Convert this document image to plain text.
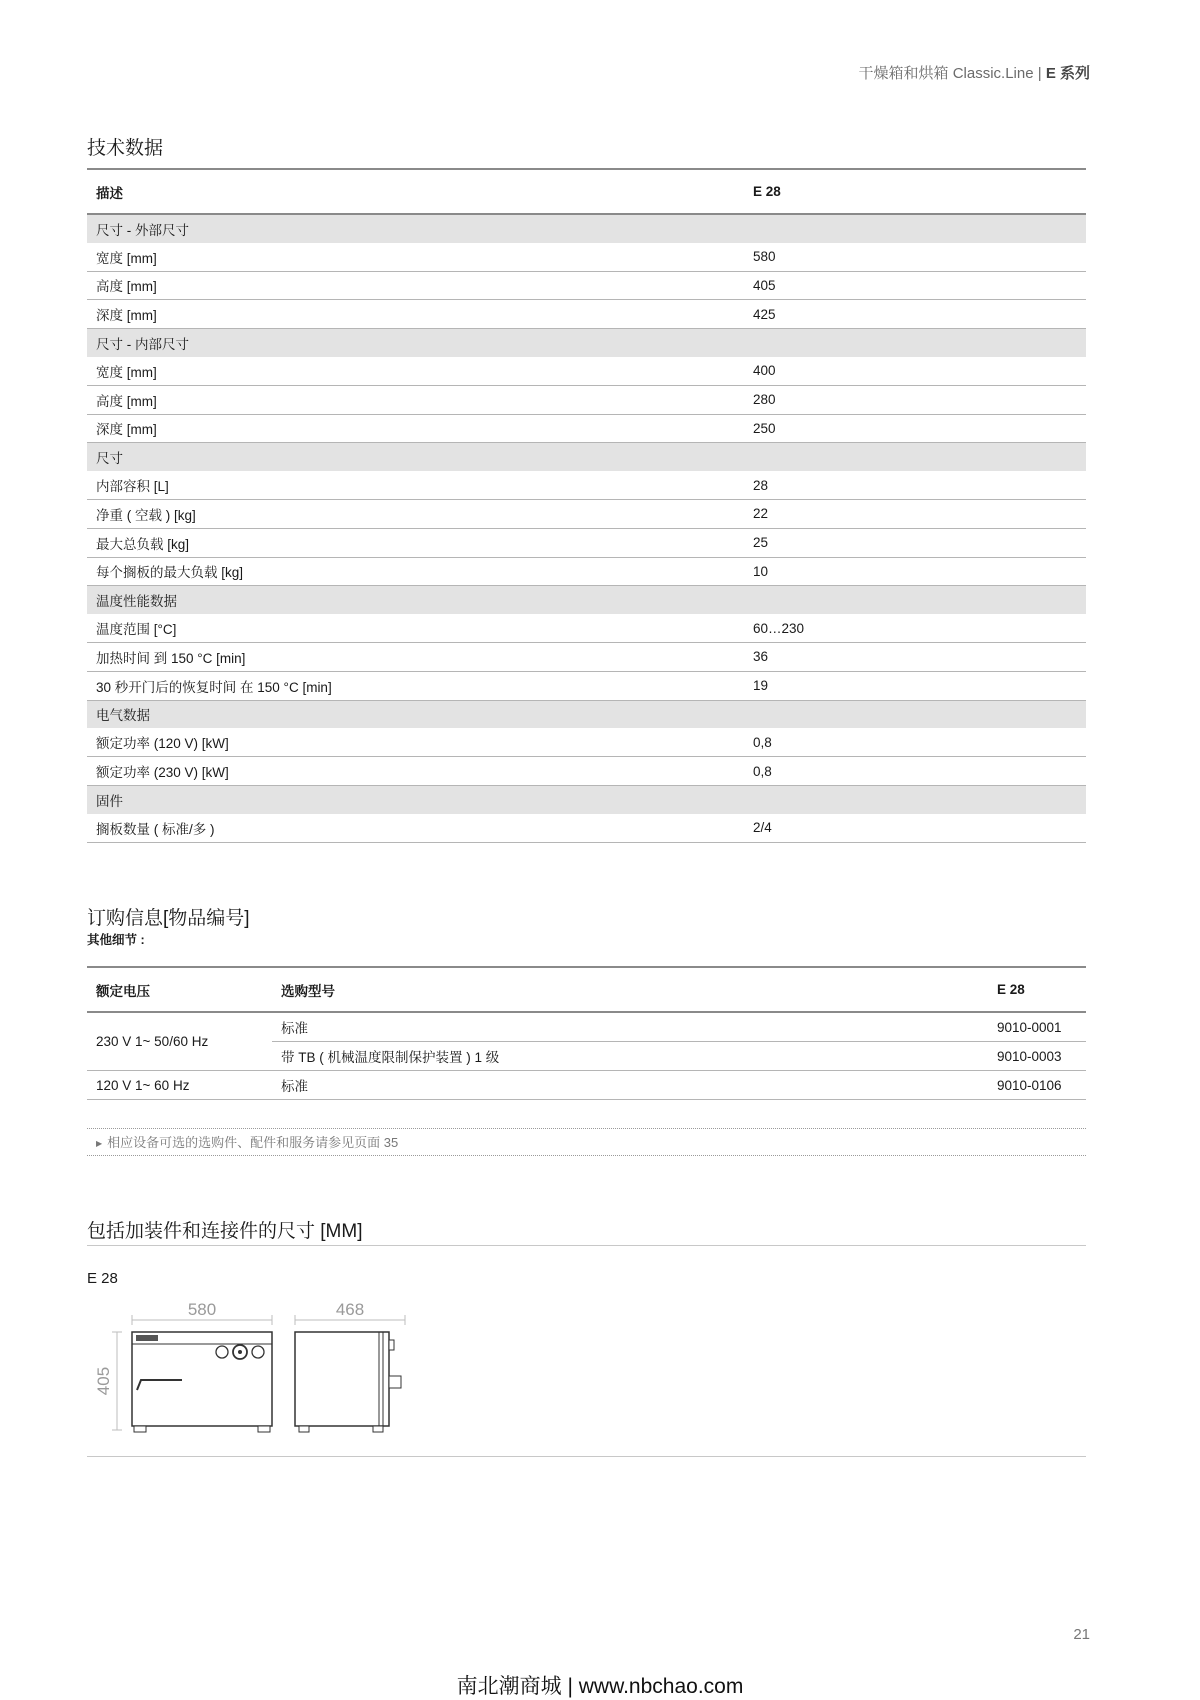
干燥箱和烘箱 Classic.Line | E 系列
技术数据
描述	E 28
尺寸 - 外部尺寸	
宽度 [mm]	580
高度 [mm]	405
深度 [mm]	425
尺寸 - 内部尺寸	
宽度 [mm]	400
高度 [mm]	280
深度 [mm]	250
尺寸	
内部容积 [L]	28
净重 ( 空载 ) [kg]	22
最大总负载 [kg]	25
每个搁板的最大负载 [kg]	10
温度性能数据	
温度范围 [°C]	60…230
加热时间 到 150 °C [min]	36
30 秒开门后的恢复时间 在 150 °C [min]	19
电气数据	
额定功率 (120 V) [kW]	0,8
额定功率 (230 V) [kW]	0,8
固件	
搁板数量 ( 标准/多 )	2/4
订购信息[物品编号]
其他细节 :
额定电压	选购型号	E 28
230 V 1~ 50/60 Hz	标准	9010-0001
	带 TB ( 机械温度限制保护装置 ) 1 级	9010-0003
120 V 1~ 60 Hz	标准	9010-0106
▶ 相应设备可选的选购件、配件和服务请参见页面 35
包括加装件和连接件的尺寸 [MM]
E 28
580	468
405
21
南北潮商城 | www.nbchao.com
